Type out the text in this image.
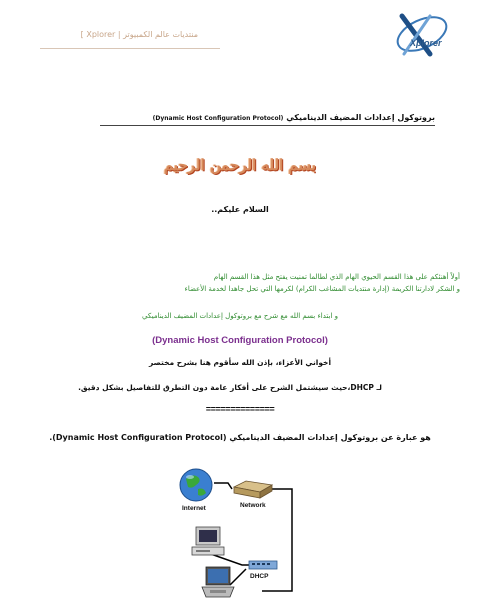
Xplorer
منتديات عالم الكمبيوتر | Xplorer ]
بروتوكول إعدادات المضيف الديناميكي (Dynamic Host Configuration Protocol)
بسم الله الرحمن الرحيم
السلام عليكم..
أولاً أهنئكم على هذا القسم الحيوي الهام الذي لطالما تمنيت يفتح مثل هذا القسم الهام
و الشكر لادارتنا الكريمة (إدارة منتديات المشاغب الكرام) لكرمها التي تحل جاهدا لخدمة الأعضاء
و ابتداء بسم الله مع شرح مع بروتوكول إعدادات المضيف الديناميكي
(Dynamic Host Configuration Protocol)
أخواني الأعزاء، بإذن الله سأقوم هنا بشرح مختصر
لـ DHCP،حيث سيشتمل الشرح على أفكار عامة دون التطرق للتفاصيل بشكل دقيق.
==============
هو عبارة عن بروتوكول إعدادات المضيف الديناميكي (Dynamic Host Configuration Protocol).
Internet	Network
DHCP
